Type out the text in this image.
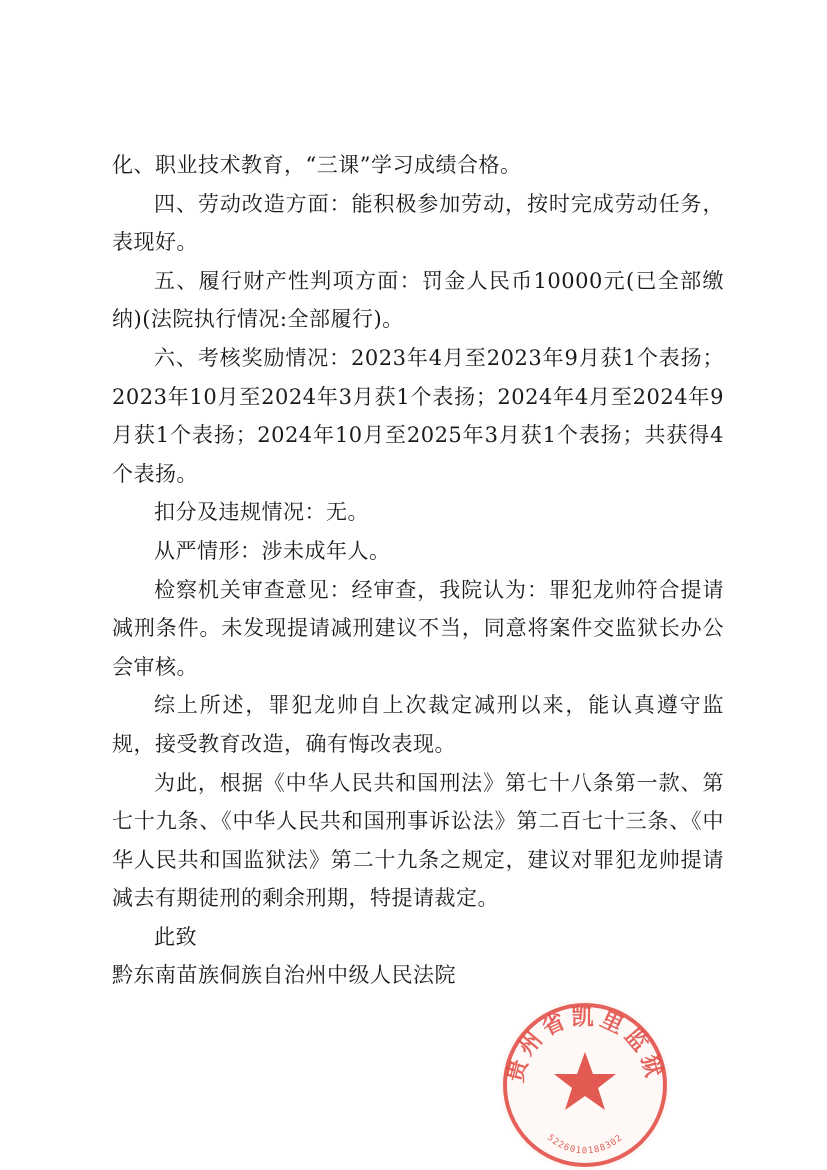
化、职业技术教育，“三课”学习成绩合格。

四、劳动改造方面：能积极参加劳动，按时完成劳动任务，表现好。

五、履行财产性判项方面：罚金人民币10000元(已全部缴纳)(法院执行情况:全部履行)。

六、考核奖励情况：2023年4月至2023年9月获1个表扬；2023年10月至2024年3月获1个表扬；2024年4月至2024年9月获1个表扬；2024年10月至2025年3月获1个表扬；共获得4个表扬。

扣分及违规情况：无。

从严情形：涉未成年人。

检察机关审查意见：经审查，我院认为：罪犯龙帅符合提请减刑条件。未发现提请减刑建议不当，同意将案件交监狱长办公会审核。

综上所述，罪犯龙帅自上次裁定减刑以来，能认真遵守监规，接受教育改造，确有悔改表现。

为此，根据《中华人民共和国刑法》第七十八条第一款、第七十九条、《中华人民共和国刑事诉讼法》第二百七十三条、《中华人民共和国监狱法》第二十九条之规定，建议对罪犯龙帅提请减去有期徒刑的剩余刑期，特提请裁定。

此致

黔东南苗族侗族自治州中级人民法院

贵州省凯里监狱
5226010188302
